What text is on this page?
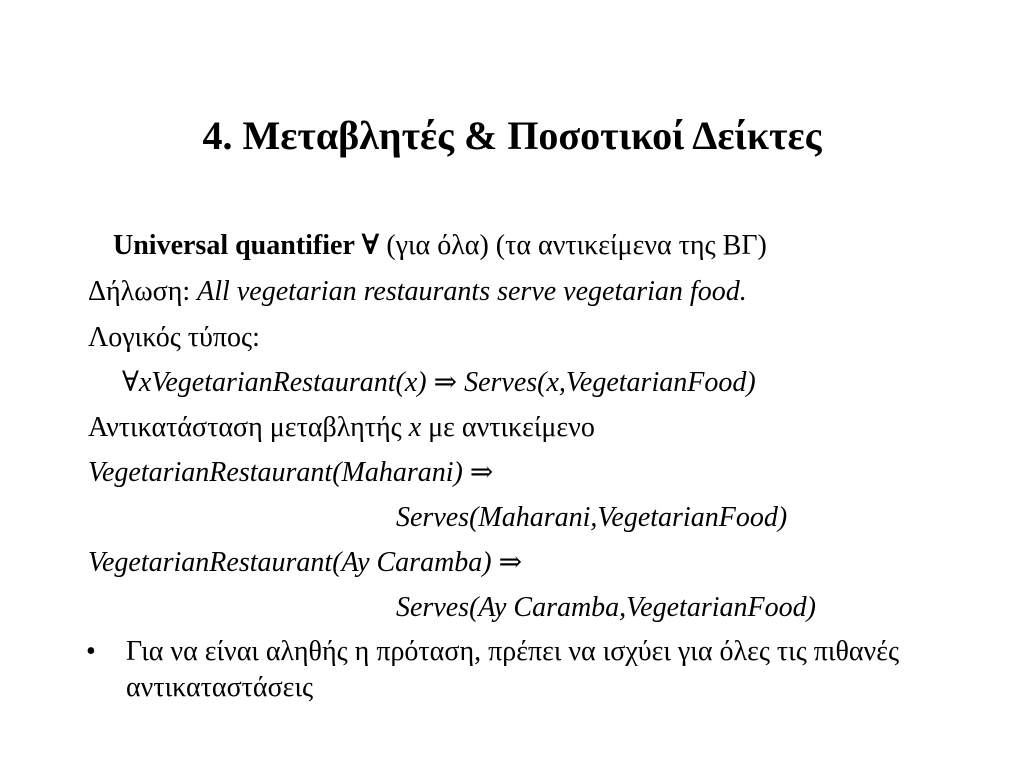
4. Μεταβλητές & Ποσοτικοί Δείκτες
Universal quantifier ∀ (για όλα) (τα αντικείμενα της ΒΓ)
Δήλωση: All vegetarian restaurants serve vegetarian food.
Λογικός τύπος:
∀xVegetarianRestaurant(x) ⇒ Serves(x,VegetarianFood)
Αντικατάσταση μεταβλητής x με αντικείμενο
VegetarianRestaurant(Maharani) ⇒
Serves(Maharani,VegetarianFood)
VegetarianRestaurant(Ay Caramba) ⇒
Serves(Ay Caramba,VegetarianFood)
• Για να είναι αληθής η πρόταση, πρέπει να ισχύει για όλες τις πιθανές αντικαταστάσεις
